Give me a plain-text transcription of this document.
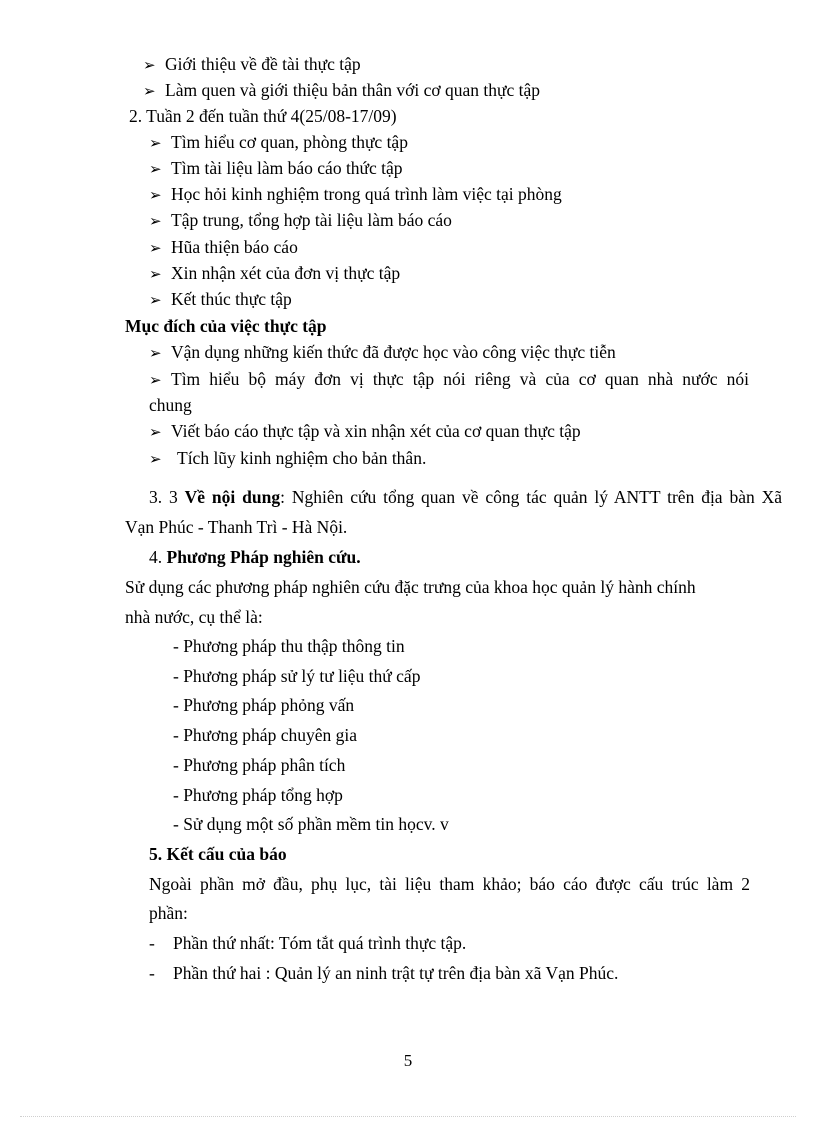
➢ Giới thiệu về đề tài thực tập
➢ Làm quen và giới thiệu bản thân với cơ quan thực tập
2. Tuần 2 đến tuần thứ 4(25/08-17/09)
➢ Tìm hiểu cơ quan, phòng thực tập
➢ Tìm tài liệu làm báo cáo thức tập
➢ Học hỏi kinh nghiệm trong quá trình làm việc tại phòng
➢ Tập trung, tổng hợp tài liệu làm báo cáo
➢ Hũa thiện báo cáo
➢ Xin nhận xét của đơn vị thực tập
➢ Kết thúc thực tập
Mục đích của việc thực tập
➢ Vận dụng những kiến thức đã được học vào công việc thực tiễn
➢ Tìm hiểu bộ máy đơn vị thực tập nói riêng và của cơ quan nhà nước nói
chung
➢ Viết báo cáo thực tập và xin nhận xét của cơ quan thực tập
➢ Tích lũy kinh nghiệm cho bản thân.
3. 3 Về nội dung: Nghiên cứu tổng quan về công tác quản lý ANTT trên địa bàn Xã
Vạn Phúc - Thanh Trì - Hà Nội.
4. Phương Pháp nghiên cứu.
Sử dụng các phương pháp nghiên cứu đặc trưng của khoa học quản lý hành chính
nhà nước, cụ thể là:
- Phương pháp thu thập thông tin
- Phương pháp sử lý tư liệu thứ cấp
- Phương pháp phỏng vấn
- Phương pháp chuyên gia
- Phương pháp phân tích
- Phương pháp tổng hợp
- Sử dụng một số phần mềm tin họcv. v
5. Kết cấu của báo
Ngoài phần mở đầu, phụ lục, tài liệu tham khảo; báo cáo được cấu trúc làm 2
phần:
- Phần thứ nhất: Tóm tắt quá trình thực tập.
- Phần thứ hai : Quản lý an ninh trật tự trên địa bàn xã Vạn Phúc.
5
